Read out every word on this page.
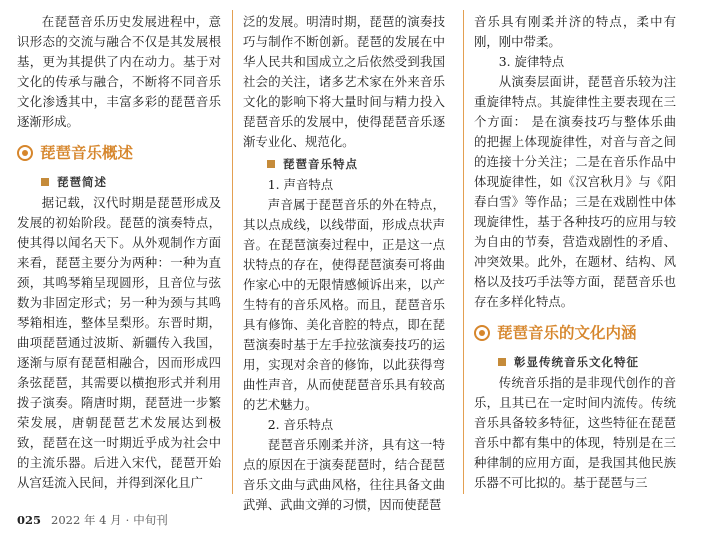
在琵琶音乐历史发展进程中，意识形态的交流与融合不仅是其发展根基，更为其提供了内在动力。基于对文化的传承与融合，不断将不同音乐文化渗透其中，丰富多彩的琵琶音乐逐渐形成。

琵琶音乐概述
琵琶简述

据记载，汉代时期是琵琶形成及发展的初始阶段。琵琶的演奏特点，使其得以闻名天下。从外观制作方面来看，琵琶主要分为两种：一种为直颈，其鸣琴箱呈现圆形，且音位与弦数为非固定形式；另一种为颈与其鸣琴箱相连，整体呈梨形。东晋时期，曲项琵琶通过波斯、新疆传入我国，逐渐与原有琵琶相融合，因而形成四条弦琵琶，其需要以横抱形式并利用拨子演奏。隋唐时期，琵琶进一步繁荣发展，唐朝琵琶艺术发展达到极致，琵琶在这一时期近乎成为社会中的主流乐器。后进入宋代，琵琶开始从宫廷流入民间，并得到深化且广

泛的发展。明清时期，琵琶的演奏技巧与制作不断创新。琵琶的发展在中华人民共和国成立之后依然受到我国社会的关注，诸多艺术家在外来音乐文化的影响下将大量时间与精力投入琵琶音乐的发展中，使得琵琶音乐逐渐专业化、规范化。

琵琶音乐特点

1. 声音特点

声音属于琵琶音乐的外在特点，其以点成线，以线带面，形成点状声音。在琵琶演奏过程中，正是这一点状特点的存在，使得琵琶演奏可将曲作家心中的无限情感倾诉出来，以产生特有的音乐风格。而且，琵琶音乐具有修饰、美化音腔的特点，即在琵琶演奏时基于左手拉弦演奏技巧的运用，实现对余音的修饰，以此获得弯曲性声音，从而使琵琶音乐具有较高的艺术魅力。

2. 音乐特点

琵琶音乐刚柔并济，具有这一特点的原因在于演奏琵琶时，结合琵琶音乐文曲与武曲风格，往往具备文曲武弹、武曲文弹的习惯，因而使琵琶

音乐具有刚柔并济的特点，柔中有刚，刚中带柔。

3. 旋律特点

从演奏层面讲，琵琶音乐较为注重旋律特点。其旋律性主要表现在三个方面： 是在演奏技巧与整体乐曲的把握上体现旋律性，对音与音之间的连接十分关注；二是在音乐作品中体现旋律性，如《汉宫秋月》与《阳春白雪》等作品；三是在戏剧性中体现旋律性，基于各种技巧的应用与较为自由的节奏，营造戏剧性的矛盾、冲突效果。此外，在题材、结构、风格以及技巧手法等方面，琵琶音乐也存在多样化特点。

琵琶音乐的文化内涵
彰显传统音乐文化特征

传统音乐指的是非现代创作的音乐，且其已在一定时间内流传。传统音乐具备较多特征，这些特征在琵琶音乐中都有集中的体现，特别是在三种律制的应用方面，是我国其他民族乐器不可比拟的。基于琵琶与三

025 2022 年 4 月 · 中旬刊
